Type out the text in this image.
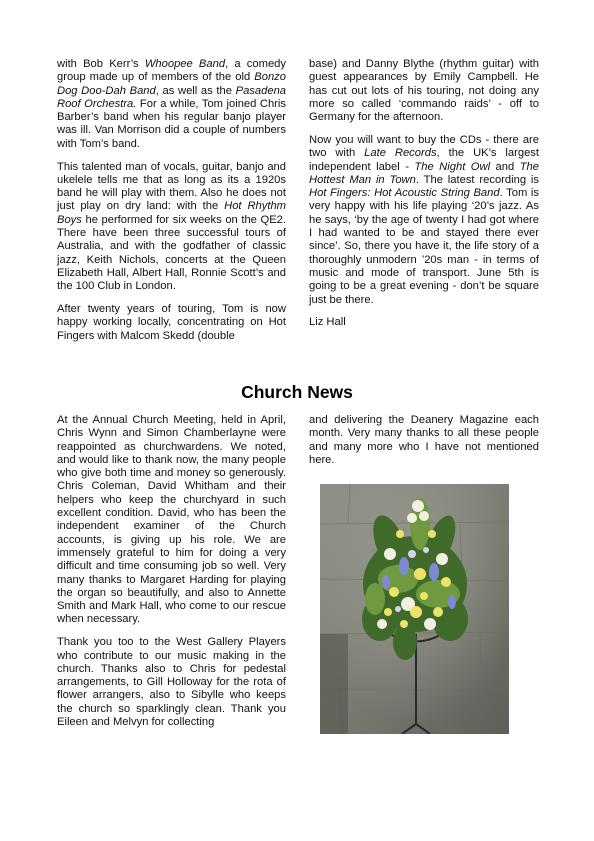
with Bob Kerr’s Whoopee Band, a comedy group made up of members of the old Bonzo Dog Doo-Dah Band, as well as the Pasadena Roof Orchestra. For a while, Tom joined Chris Barber’s band when his regular banjo player was ill. Van Morrison did a couple of numbers with Tom’s band.

This talented man of vocals, guitar, banjo and ukelele tells me that as long as its a 1920s band he will play with them. Also he does not just play on dry land: with the Hot Rhythm Boys he performed for six weeks on the QE2. There have been three successful tours of Australia, and with the godfather of classic jazz, Keith Nichols, concerts at the Queen Elizabeth Hall, Albert Hall, Ronnie Scott’s and the 100 Club in London.

After twenty years of touring, Tom is now happy working locally, concentrating on Hot Fingers with Malcom Skedd (double

base) and Danny Blythe (rhythm guitar) with guest appearances by Emily Campbell. He has cut out lots of his touring, not doing any more so called ‘commando raids’ - off to Germany for the afternoon.

Now you will want to buy the CDs - there are two with Late Records, the UK’s largest independent label - The Night Owl and The Hottest Man in Town. The latest recording is Hot Fingers: Hot Acoustic String Band. Tom is very happy with his life playing ‘20’s jazz. As he says, ‘by the age of twenty I had got where I had wanted to be and stayed there ever since’. So, there you have it, the life story of a thoroughly unmodern ’20s man - in terms of music and mode of transport. June 5th is going to be a great evening - don’t be square just be there.

Liz Hall

Church News

At the Annual Church Meeting, held in April, Chris Wynn and Simon Chamberlayne were reappointed as churchwardens. We noted, and would like to thank now, the many people who give both time and money so generously. Chris Coleman, David Whitham and their helpers who keep the churchyard in such excellent condition. David, who has been the independent examiner of the Church accounts, is giving up his role. We are immensely grateful to him for doing a very difficult and time consuming job so well. Very many thanks to Margaret Harding for playing the organ so beautifully, and also to Annette Smith and Mark Hall, who come to our rescue when necessary.

Thank you too to the West Gallery Players who contribute to our music making in the church. Thanks also to Chris for pedestal arrangements, to Gill Holloway for the rota of flower arrangers, also to Sibylle who keeps the church so sparklingly clean. Thank you Eileen and Melvyn for collecting

and delivering the Deanery Magazine each month. Very many thanks to all these people and many more who I have not mentioned here.
